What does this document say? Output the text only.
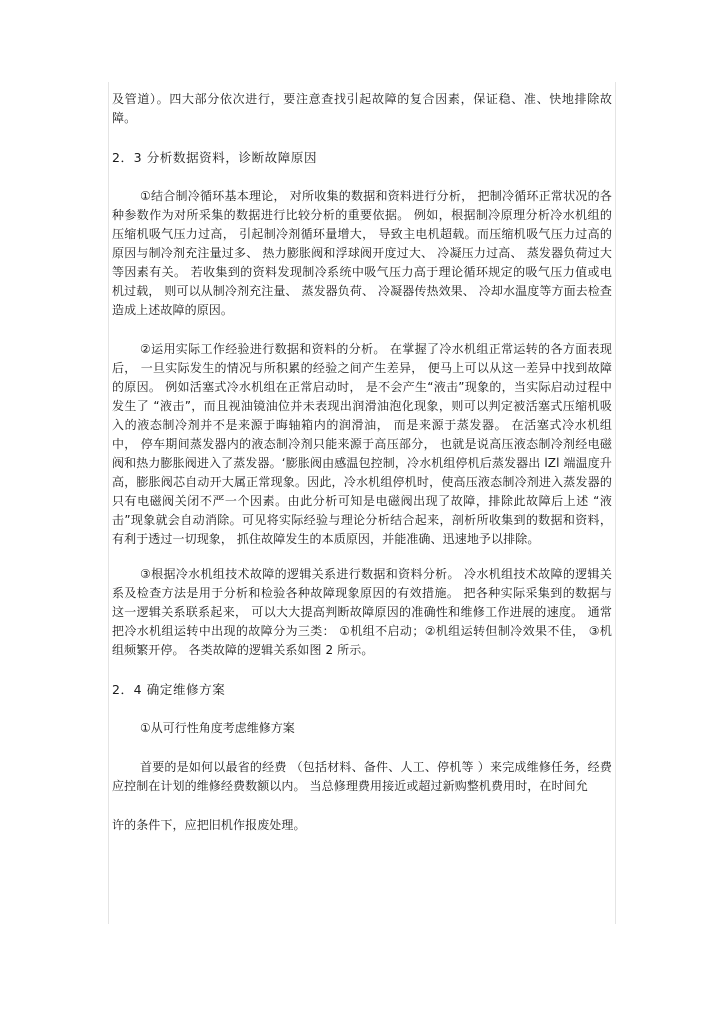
及管道）。四大部分依次进行，要注意查找引起故障的复合因素，保证稳、准、快地排除故障。

2．3 分析数据资料，诊断故障原因

①结合制冷循环基本理论， 对所收集的数据和资料进行分析， 把制冷循环正常状况的各种参数作为对所采集的数据进行比较分析的重要依据。 例如，根据制冷原理分析冷水机组的压缩机吸气压力过高， 引起制冷剂循环量增大， 导致主电机超载。而压缩机吸气压力过高的原因与制冷剂充注量过多、 热力膨胀阀和浮球阀开度过大、 冷凝压力过高、 蒸发器负荷过大等因素有关。 若收集到的资料发现制冷系统中吸气压力高于理论循环规定的吸气压力值或电机过载， 则可以从制冷剂充注量、 蒸发器负荷、 冷凝器传热效果、 冷却水温度等方面去检查造成上述故障的原因。

②运用实际工作经验进行数据和资料的分析。 在掌握了冷水机组正常运转的各方面表现后， 一旦实际发生的情况与所积累的经验之间产生差异， 便马上可以从这一差异中找到故障的原因。 例如活塞式冷水机组在正常启动时， 是不会产生“液击”现象的，当实际启动过程中发生了 “液击”，而且视油镜油位并未表现出润滑油泡化现象，则可以判定被活塞式压缩机吸入的液态制冷剂并不是来源于晦轴箱内的润滑油， 而是来源于蒸发器。 在活塞式冷水机组中， 停车期间蒸发器内的液态制冷剂只能来源于高压部分， 也就是说高压液态制冷剂经电磁阀和热力膨胀阀进入了蒸发器。‘膨胀阀由感温包控制，冷水机组停机后蒸发器出 lZl 端温度升高，膨胀阀芯自动开大属正常现象。因此，冷水机组停机时，使高压液态制冷剂进入蒸发器的只有电磁阀关闭不严一个因素。由此分析可知是电磁阀出现了故障，排除此故障后上述 “液击”现象就会自动消除。可见将实际经验与理论分析结合起来，剖析所收集到的数据和资料， 有利于透过一切现象， 抓住故障发生的本质原因，并能准确、迅速地予以排除。

③根据冷水机组技术故障的逻辑关系进行数据和资料分析。 冷水机组技术故障的逻辑关系及检查方法是用于分析和检验各种故障现象原因的有效措施。 把各种实际采集到的数据与这一逻辑关系联系起来， 可以大大提高判断故障原因的准确性和维修工作进展的速度。 通常把冷水机组运转中出现的故障分为三类： ①机组不启动；②机组运转但制冷效果不佳， ③机组频繁开停。 各类故障的逻辑关系如图 2 所示。

2．4 确定维修方案

①从可行性角度考虑维修方案

首要的是如何以最省的经费 （包括材料、备件、人工、停机等 ）来完成维修任务，经费应控制在计划的维修经费数额以内。 当总修理费用接近或超过新购整机费用时，在时间允

许的条件下，应把旧机作报废处理。
